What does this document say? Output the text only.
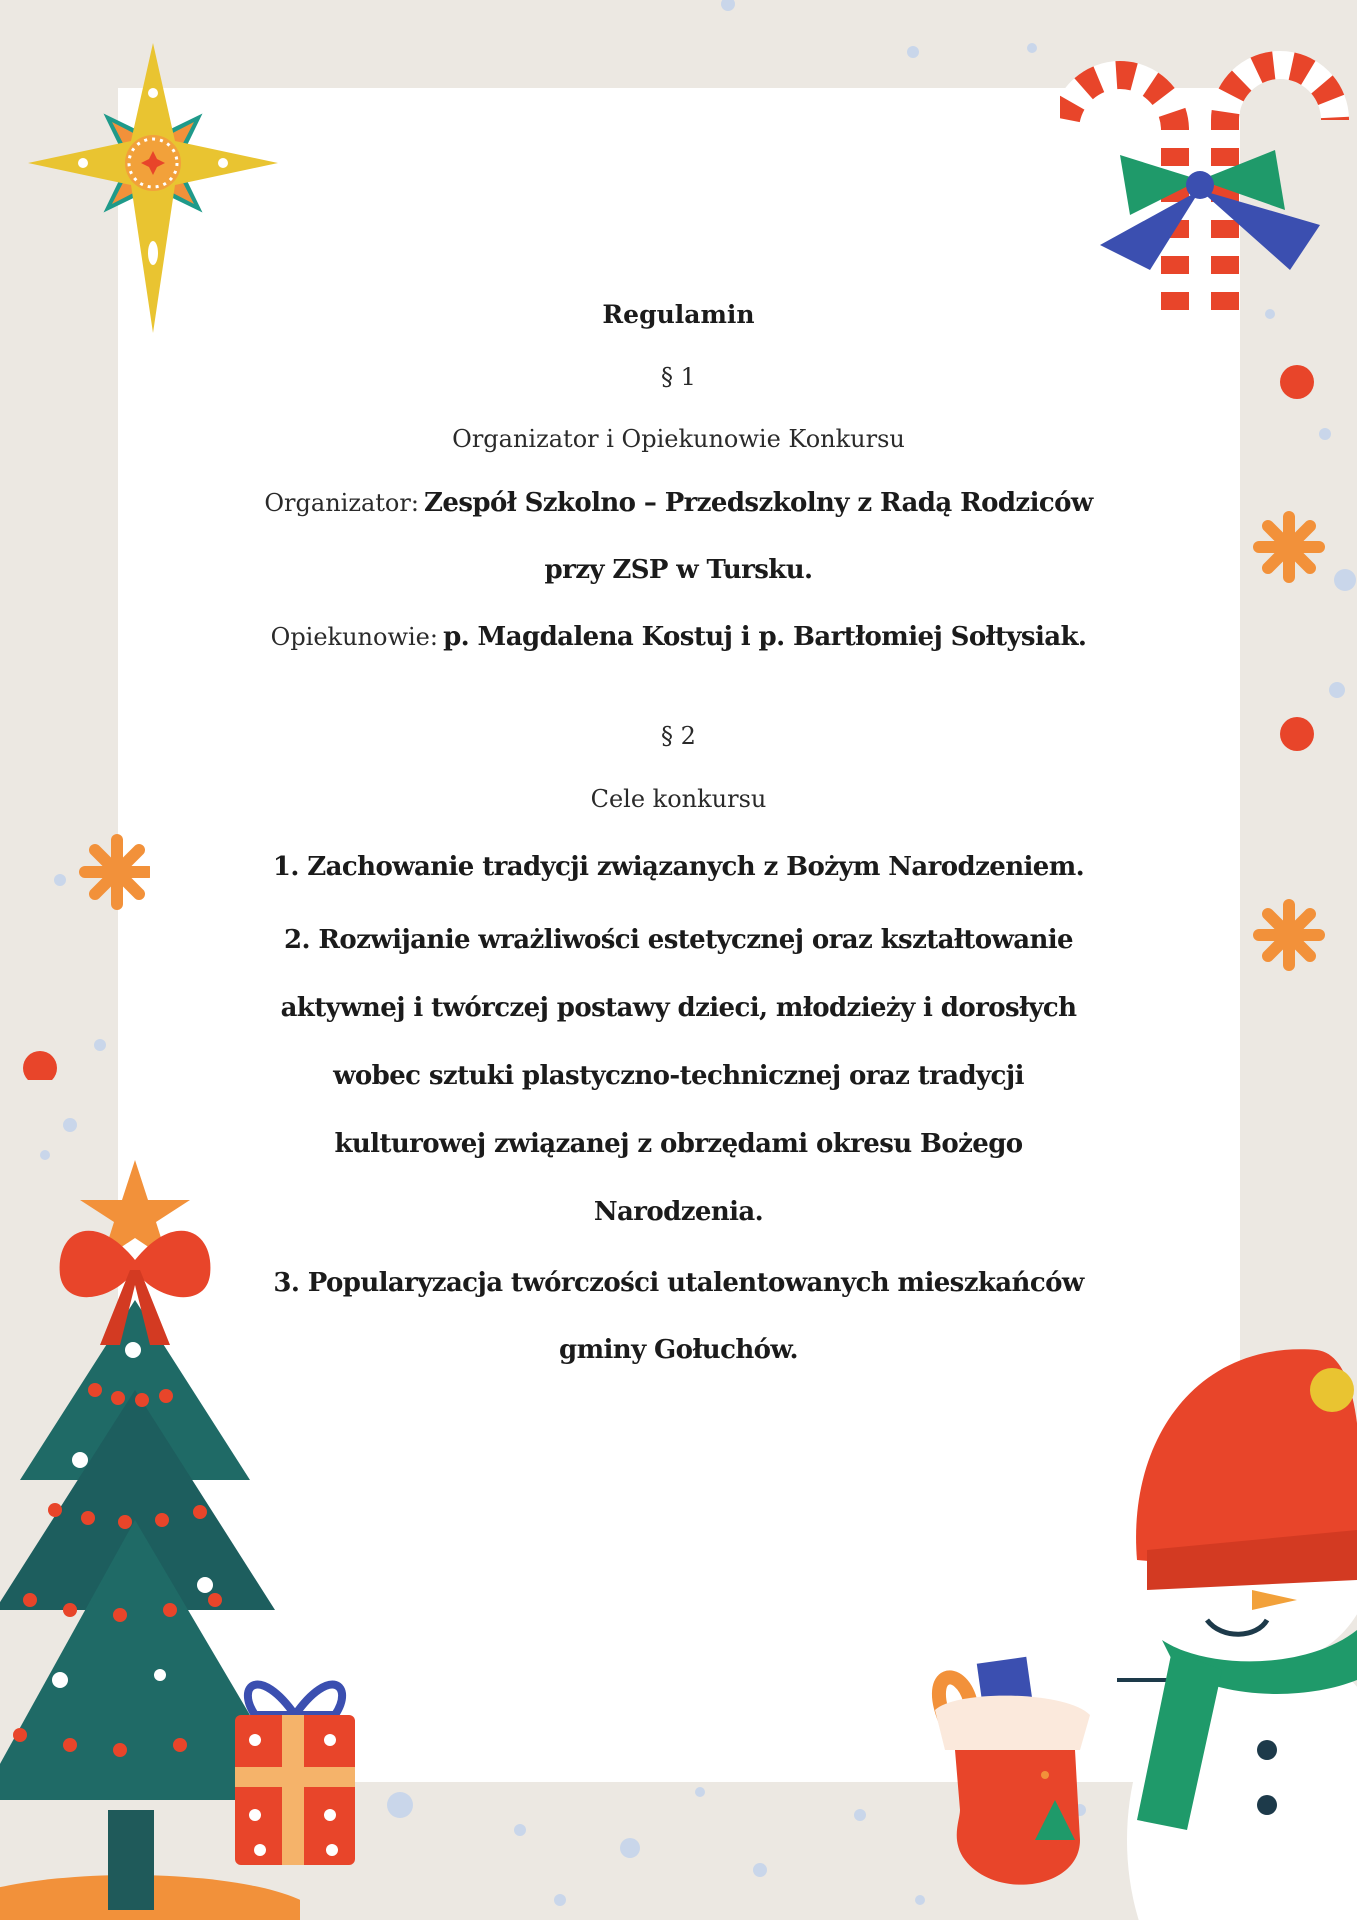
Regulamin
§ 1
Organizator i Opiekunowie Konkursu
Organizator: Zespół Szkolno – Przedszkolny z Radą Rodziców
przy ZSP w Tursku.
Opiekunowie: p. Magdalena Kostuj i p. Bartłomiej Sołtysiak.
§ 2
Cele konkursu
1. Zachowanie tradycji związanych z Bożym Narodzeniem.
2. Rozwijanie wrażliwości estetycznej oraz kształtowanie
aktywnej i twórczej postawy dzieci, młodzieży i dorosłych
wobec sztuki plastyczno-technicznej oraz tradycji
kulturowej związanej z obrzędami okresu Bożego
Narodzenia.
3. Popularyzacja twórczości utalentowanych mieszkańców
gminy Gołuchów.
